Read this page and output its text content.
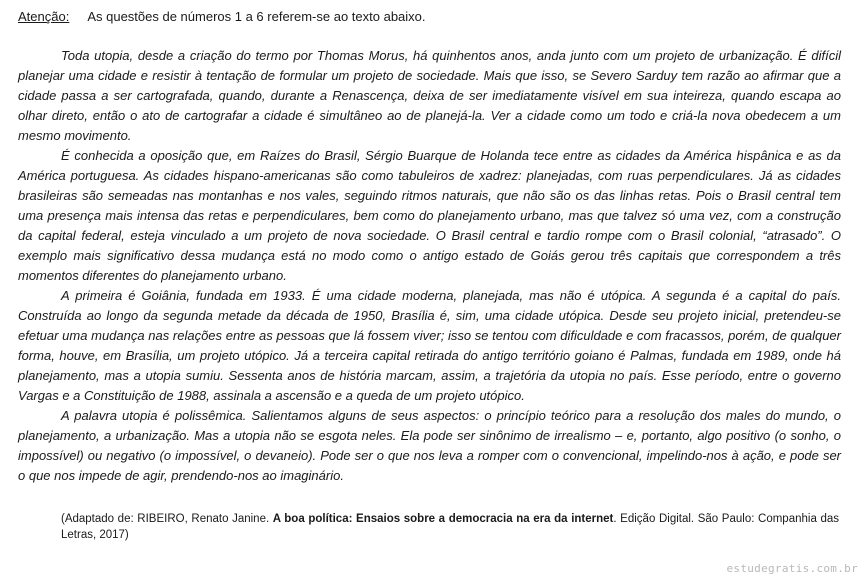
Atenção: As questões de números 1 a 6 referem-se ao texto abaixo.

Toda utopia, desde a criação do termo por Thomas Morus, há quinhentos anos, anda junto com um projeto de urbanização. É difícil planejar uma cidade e resistir à tentação de formular um projeto de sociedade. Mais que isso, se Severo Sarduy tem razão ao afirmar que a cidade passa a ser cartografada, quando, durante a Renascença, deixa de ser imediatamente visível em sua inteireza, quando escapa ao olhar direto, então o ato de cartografar a cidade é simultâneo ao de planejá-la. Ver a cidade como um todo e criá-la nova obedecem a um mesmo movimento.

É conhecida a oposição que, em Raízes do Brasil, Sérgio Buarque de Holanda tece entre as cidades da América hispânica e as da América portuguesa. As cidades hispano-americanas são como tabuleiros de xadrez: planejadas, com ruas perpendiculares. Já as cidades brasileiras são semeadas nas montanhas e nos vales, seguindo ritmos naturais, que não são os das linhas retas. Pois o Brasil central tem uma presença mais intensa das retas e perpendiculares, bem como do planejamento urbano, mas que talvez só uma vez, com a construção da capital federal, esteja vinculado a um projeto de nova sociedade. O Brasil central e tardio rompe com o Brasil colonial, “atrasado”. O exemplo mais significativo dessa mudança está no modo como o antigo estado de Goiás gerou três capitais que correspondem a três momentos diferentes do planejamento urbano.

A primeira é Goiânia, fundada em 1933. É uma cidade moderna, planejada, mas não é utópica. A segunda é a capital do país. Construída ao longo da segunda metade da década de 1950, Brasília é, sim, uma cidade utópica. Desde seu projeto inicial, pretendeu-se efetuar uma mudança nas relações entre as pessoas que lá fossem viver; isso se tentou com dificuldade e com fracassos, porém, de qualquer forma, houve, em Brasília, um projeto utópico. Já a terceira capital retirada do antigo território goiano é Palmas, fundada em 1989, onde há planejamento, mas a utopia sumiu. Sessenta anos de história marcam, assim, a trajetória da utopia no país. Esse período, entre o governo Vargas e a Constituição de 1988, assinala a ascensão e a queda de um projeto utópico.

A palavra utopia é polissêmica. Salientamos alguns de seus aspectos: o princípio teórico para a resolução dos males do mundo, o planejamento, a urbanização. Mas a utopia não se esgota neles. Ela pode ser sinônimo de irrealismo – e, portanto, algo positivo (o sonho, o impossível) ou negativo (o impossível, o devaneio). Pode ser o que nos leva a romper com o convencional, impelindo-nos à ação, e pode ser o que nos impede de agir, prendendo-nos ao imaginário.

(Adaptado de: RIBEIRO, Renato Janine. A boa política: Ensaios sobre a democracia na era da internet. Edição Digital. São Paulo: Companhia das Letras, 2017)
estudegratis.com.br
